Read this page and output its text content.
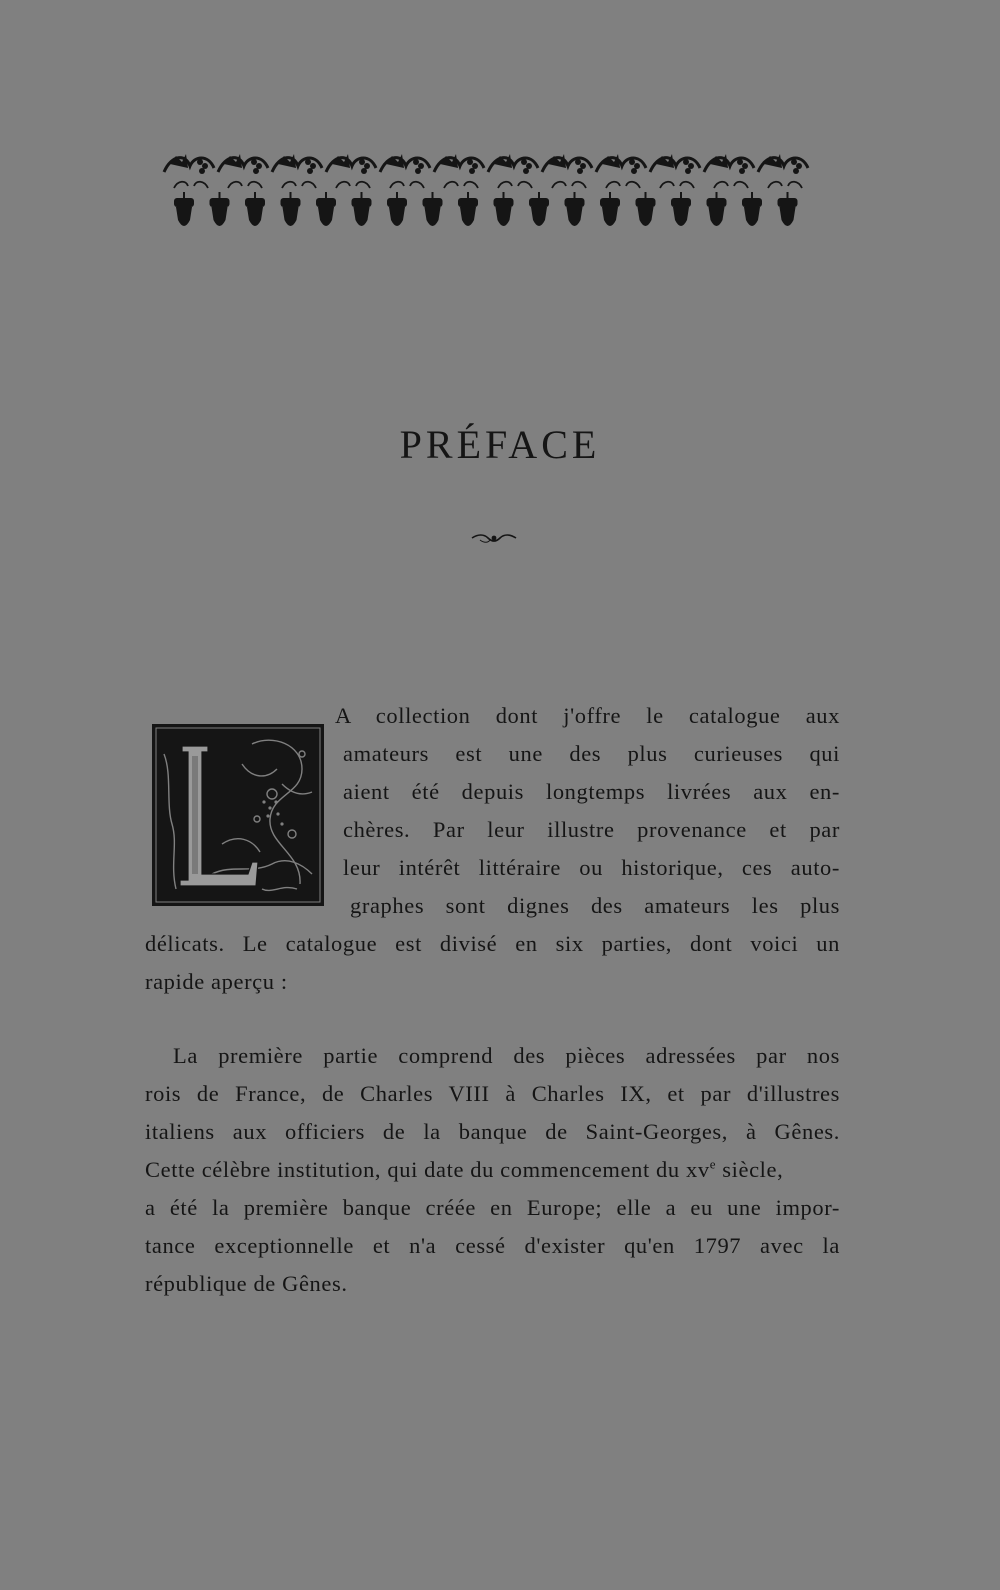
PRÉFACE
A collection dont j'offre le catalogue aux
amateurs est une des plus curieuses qui
aient été depuis longtemps livrées aux en-
chères. Par leur illustre provenance et par
leur intérêt littéraire ou historique, ces auto-
graphes sont dignes des amateurs les plus
délicats. Le catalogue est divisé en six parties, dont voici un
rapide aperçu :
La première partie comprend des pièces adressées par nos
rois de France, de Charles VIII à Charles IX, et par d'illustres
italiens aux officiers de la banque de Saint-Georges, à Gênes.
Cette célèbre institution, qui date du commencement du $xv^e$ siècle,
a été la première banque créée en Europe; elle a eu une impor-
tance exceptionnelle et n'a cessé d'exister qu'en 1797 avec la
république de Gênes.
